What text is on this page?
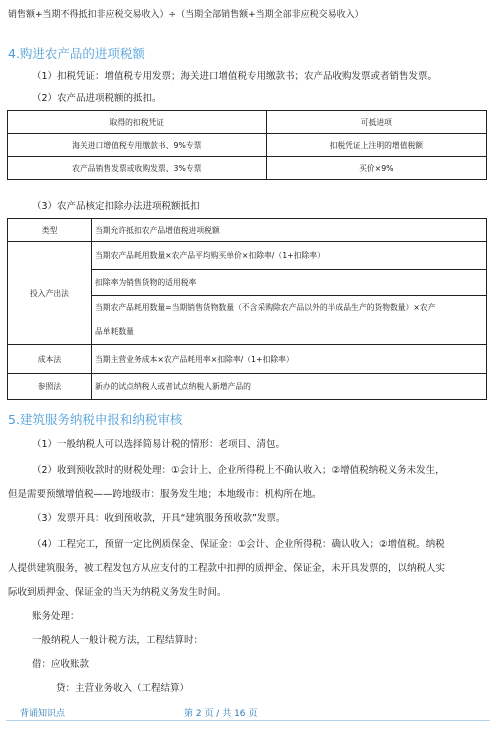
销售额+当期不得抵扣非应税交易收入）÷（当期全部销售额+当期全部非应税交易收入）
4.购进农产品的进项税额
（1）扣税凭证：增值税专用发票；海关进口增值税专用缴款书；农产品收购发票或者销售发票。
（2）农产品进项税额的抵扣。
取得的扣税凭证	可抵进项
海关进口增值税专用缴款书、9%专票	扣税凭证上注明的增值税额
农产品销售发票或收购发票、3%专票	买价×9%
（3）农产品核定扣除办法进项税额抵扣
类型	当期允许抵扣农产品增值税进项税额
投入产出法	当期农产品耗用数量×农产品平均购买单价×扣除率/（1+扣除率）
	扣除率为销售货物的适用税率
	当期农产品耗用数量=当期销售货物数量（不含采购除农产品以外的半成品生产的货物数量）×农产
品单耗数量
成本法	当期主营业务成本×农产品耗用率×扣除率/（1+扣除率）
参照法	新办的试点纳税人或者试点纳税人新增产品的
5.建筑服务纳税申报和纳税审核
（1）一般纳税人可以选择简易计税的情形：老项目、清包。
（2）收到预收款时的财税处理：①会计上、企业所得税上不确认收入；②增值税纳税义务未发生，
但是需要预缴增值税——跨地级市：服务发生地；本地级市：机构所在地。
（3）发票开具：收到预收款，开具“建筑服务预收款”发票。
（4）工程完工，预留一定比例质保金、保证金：①会计、企业所得税：确认收入；②增值税。纳税
人提供建筑服务，被工程发包方从应支付的工程款中扣押的质押金、保证金，未开具发票的，以纳税人实
际收到质押金、保证金的当天为纳税义务发生时间。
账务处理：
一般纳税人一般计税方法，工程结算时：
借：应收账款
贷：主营业务收入（工程结算）
背诵知识点	第 2 页 / 共 16 页
